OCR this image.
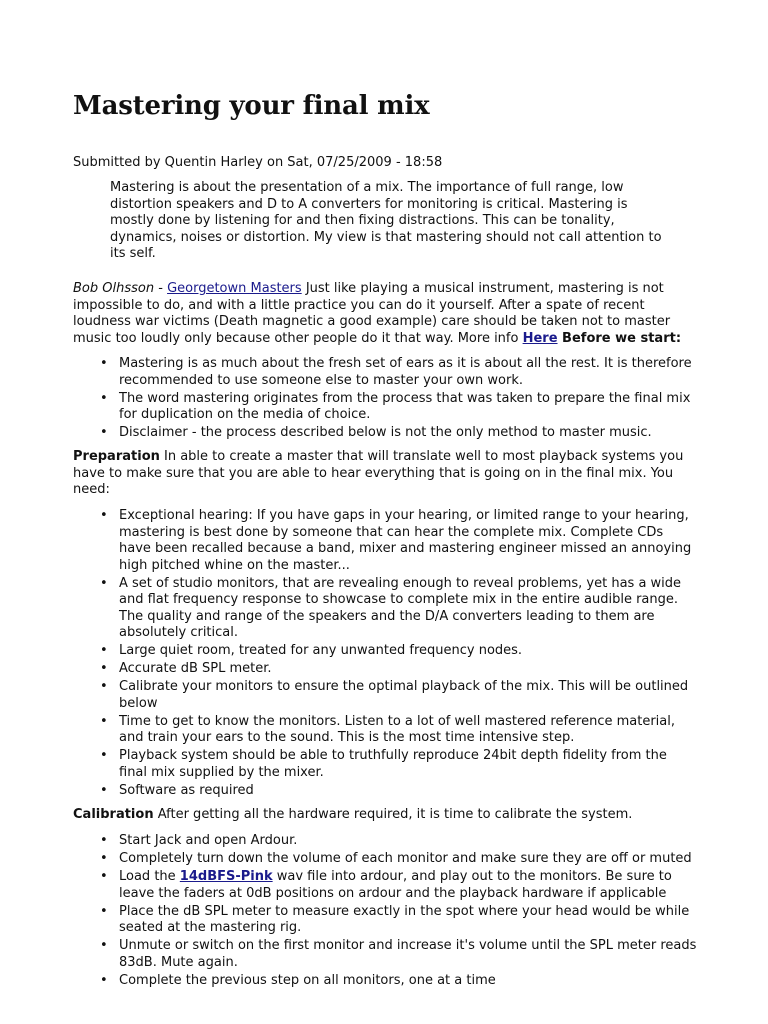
Mastering your final mix

Submitted by Quentin Harley on Sat, 07/25/2009 - 18:58

Mastering is about the presentation of a mix. The importance of full range, low distortion speakers and D to A converters for monitoring is critical. Mastering is mostly done by listening for and then fixing distractions. This can be tonality, dynamics, noises or distortion. My view is that mastering should not call attention to its self.

Bob Olhsson - Georgetown Masters Just like playing a musical instrument, mastering is not impossible to do, and with a little practice you can do it yourself. After a spate of recent loudness war victims (Death magnetic a good example) care should be taken not to master music too loudly only because other people do it that way. More info Here Before we start:

• Mastering is as much about the fresh set of ears as it is about all the rest. It is therefore recommended to use someone else to master your own work.
• The word mastering originates from the process that was taken to prepare the final mix for duplication on the media of choice.
• Disclaimer - the process described below is not the only method to master music.

Preparation In able to create a master that will translate well to most playback systems you have to make sure that you are able to hear everything that is going on in the final mix. You need:

• Exceptional hearing: If you have gaps in your hearing, or limited range to your hearing, mastering is best done by someone that can hear the complete mix. Complete CDs have been recalled because a band, mixer and mastering engineer missed an annoying high pitched whine on the master...
• A set of studio monitors, that are revealing enough to reveal problems, yet has a wide and flat frequency response to showcase to complete mix in the entire audible range. The quality and range of the speakers and the D/A converters leading to them are absolutely critical.
• Large quiet room, treated for any unwanted frequency nodes.
• Accurate dB SPL meter.
• Calibrate your monitors to ensure the optimal playback of the mix. This will be outlined below
• Time to get to know the monitors. Listen to a lot of well mastered reference material, and train your ears to the sound. This is the most time intensive step.
• Playback system should be able to truthfully reproduce 24bit depth fidelity from the final mix supplied by the mixer.
• Software as required

Calibration After getting all the hardware required, it is time to calibrate the system.

• Start Jack and open Ardour.
• Completely turn down the volume of each monitor and make sure they are off or muted
• Load the 14dBFS-Pink wav file into ardour, and play out to the monitors. Be sure to leave the faders at 0dB positions on ardour and the playback hardware if applicable
• Place the dB SPL meter to measure exactly in the spot where your head would be while seated at the mastering rig.
• Unmute or switch on the first monitor and increase it's volume until the SPL meter reads 83dB. Mute again.
• Complete the previous step on all monitors, one at a time
